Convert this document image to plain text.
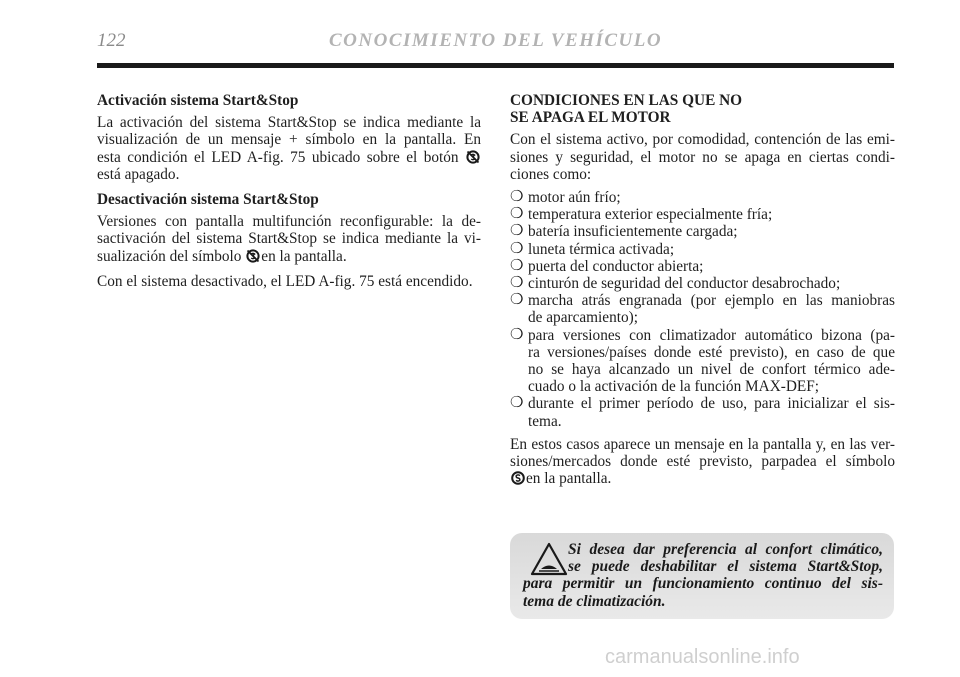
122	CONOCIMIENTO DEL VEHÍCULO
Activación sistema Start&Stop

La activación del sistema Start&Stop se indica mediante la
visualización de un mensaje + símbolo en la pantalla. En
esta condición el LED A-fig. 75 ubicado sobre el botón
está apagado.

Desactivación sistema Start&Stop

Versiones con pantalla multifunción reconfigurable: la de-
sactivación del sistema Start&Stop se indica mediante la vi-
sualización del símbolo en la pantalla.

Con el sistema desactivado, el LED A-fig. 75 está encendido.

CONDICIONES EN LAS QUE NO
SE APAGA EL MOTOR

Con el sistema activo, por comodidad, contención de las emi-
siones y seguridad, el motor no se apaga en ciertas condi-
ciones como:

❍ motor aún frío;
❍ temperatura exterior especialmente fría;
❍ batería insuficientemente cargada;
❍ luneta térmica activada;
❍ puerta del conductor abierta;
❍ cinturón de seguridad del conductor desabrochado;
❍ marcha atrás engranada (por ejemplo en las maniobras
de aparcamiento);
❍ para versiones con climatizador automático bizona (pa-
ra versiones/países donde esté previsto), en caso de que
no se haya alcanzado un nivel de confort térmico ade-
cuado o la activación de la función MAX-DEF;
❍ durante el primer período de uso, para inicializar el sis-
tema.

En estos casos aparece un mensaje en la pantalla y, en las ver-
siones/mercados donde esté previsto, parpadea el símbolo
en la pantalla.

Si desea dar preferencia al confort climático,
se puede deshabilitar el sistema Start&Stop,
para permitir un funcionamiento continuo del sis-
tema de climatización.
carmanualsonline.info
